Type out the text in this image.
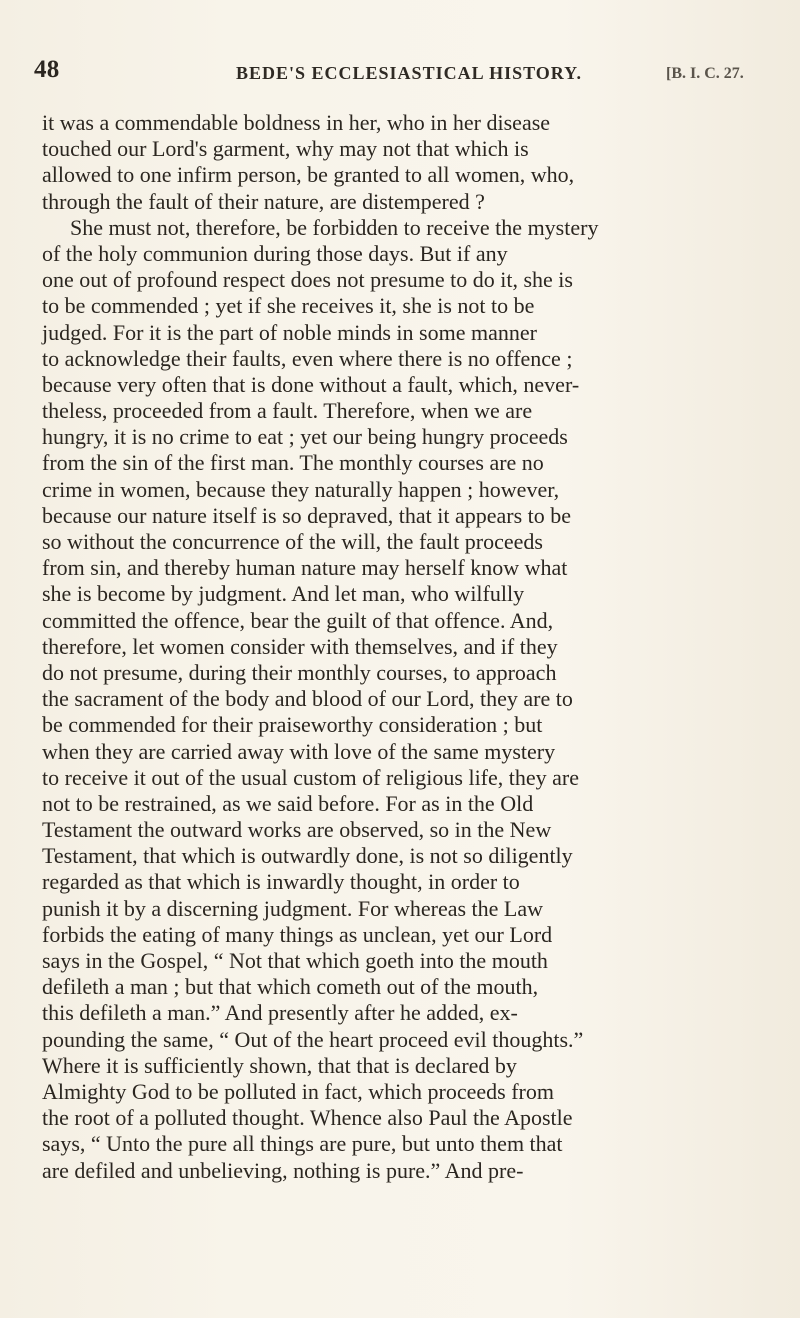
48	BEDE'S ECCLESIASTICAL HISTORY.	[B. I. C. 27.
it was a commendable boldness in her, who in her disease
touched our Lord's garment, why may not that which is
allowed to one infirm person, be granted to all women, who,
through the fault of their nature, are distempered ?
She must not, therefore, be forbidden to receive the mystery
of the holy communion during those days. But if any
one out of profound respect does not presume to do it, she is
to be commended ; yet if she receives it, she is not to be
judged. For it is the part of noble minds in some manner
to acknowledge their faults, even where there is no offence ;
because very often that is done without a fault, which, never-
theless, proceeded from a fault. Therefore, when we are
hungry, it is no crime to eat ; yet our being hungry proceeds
from the sin of the first man. The monthly courses are no
crime in women, because they naturally happen ; however,
because our nature itself is so depraved, that it appears to be
so without the concurrence of the will, the fault proceeds
from sin, and thereby human nature may herself know what
she is become by judgment. And let man, who wilfully
committed the offence, bear the guilt of that offence. And,
therefore, let women consider with themselves, and if they
do not presume, during their monthly courses, to approach
the sacrament of the body and blood of our Lord, they are to
be commended for their praiseworthy consideration ; but
when they are carried away with love of the same mystery
to receive it out of the usual custom of religious life, they are
not to be restrained, as we said before. For as in the Old
Testament the outward works are observed, so in the New
Testament, that which is outwardly done, is not so diligently
regarded as that which is inwardly thought, in order to
punish it by a discerning judgment. For whereas the Law
forbids the eating of many things as unclean, yet our Lord
says in the Gospel, “ Not that which goeth into the mouth
defileth a man ; but that which cometh out of the mouth,
this defileth a man.” And presently after he added, ex-
pounding the same, “ Out of the heart proceed evil thoughts.”
Where it is sufficiently shown, that that is declared by
Almighty God to be polluted in fact, which proceeds from
the root of a polluted thought. Whence also Paul the Apostle
says, “ Unto the pure all things are pure, but unto them that
are defiled and unbelieving, nothing is pure.” And pre-
